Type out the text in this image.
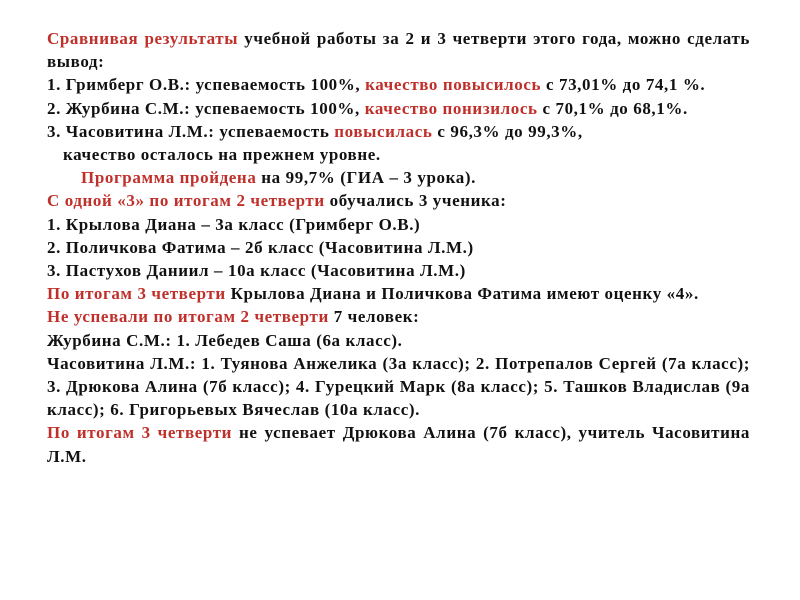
Сравнивая результаты учебной работы за 2 и 3 четверти этого года, можно сделать вывод:

1. Гримберг О.В.: успеваемость 100%, качество повысилось с 73,01% до 74,1 %.

2. Журбина С.М.: успеваемость 100%, качество понизилось с 70,1% до 68,1%.

3. Часовитина Л.М.: успеваемость повысилась с 96,3% до 99,3%,

качество осталось на прежнем уровне.

Программа пройдена на 99,7% (ГИА – 3 урока).

С одной «3» по итогам 2 четверти обучались 3 ученика:

1. Крылова Диана – 3а класс (Гримберг О.В.)

2. Поличкова Фатима – 2б класс (Часовитина Л.М.)

3. Пастухов Даниил – 10а класс (Часовитина Л.М.)

По итогам 3 четверти Крылова Диана и Поличкова Фатима имеют оценку «4».

Не успевали по итогам 2 четверти 7 человек:

Журбина С.М.: 1. Лебедев Саша (6а класс).

Часовитина Л.М.: 1. Туянова Анжелика (3а класс); 2. Потрепалов Сергей (7а класс); 3. Дрюкова Алина (7б класс); 4. Гурецкий Марк (8а класс); 5. Ташков Владислав (9а класс); 6. Григорьевых Вячеслав (10а класс).

По итогам 3 четверти не успевает Дрюкова Алина (7б класс), учитель Часовитина Л.М.
